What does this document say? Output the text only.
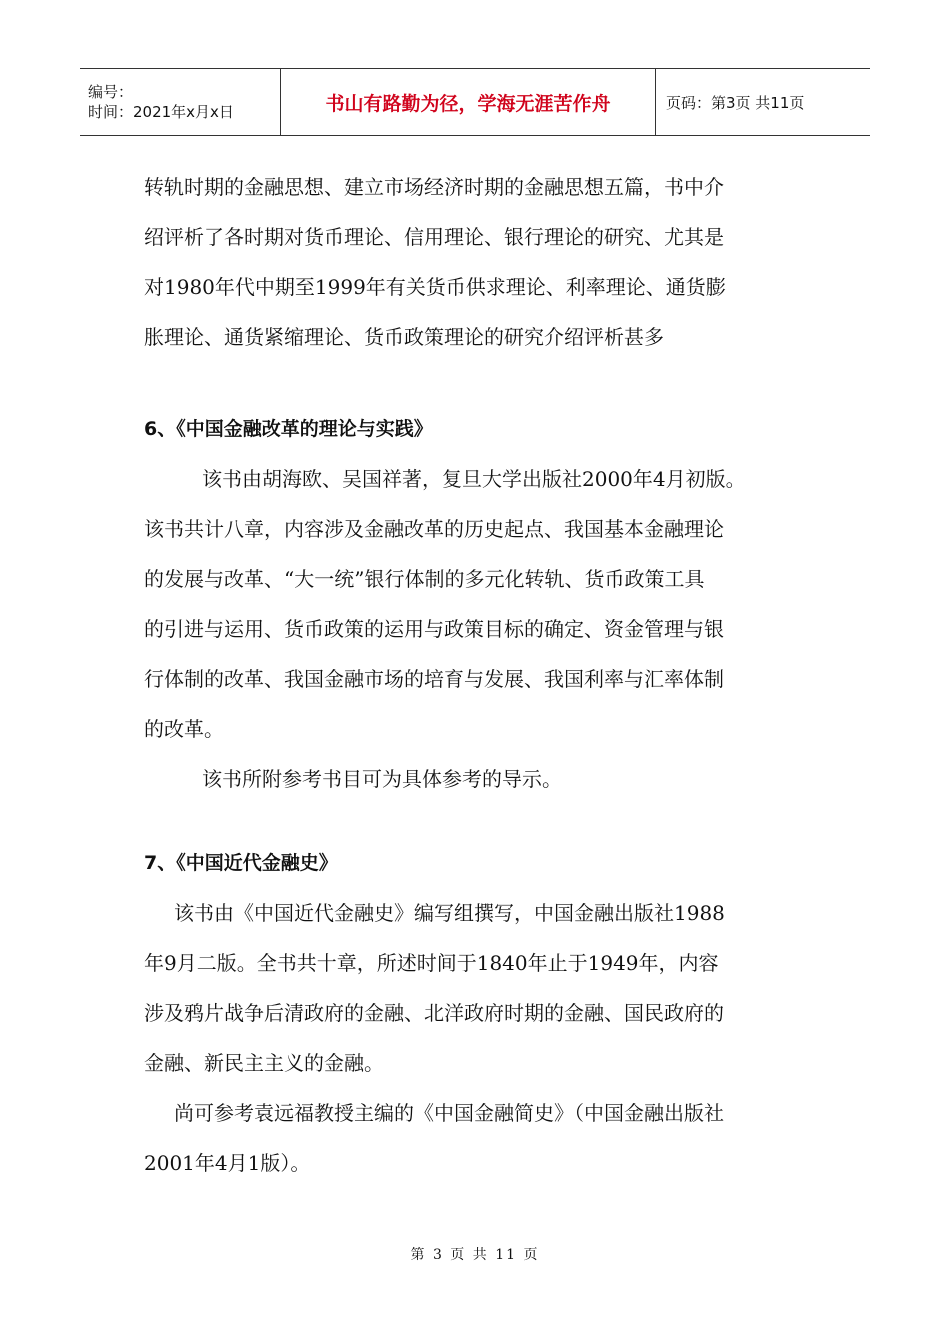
编号：
时间：2021年x月x日	书山有路勤为径，学海无涯苦作舟	页码：第3页 共11页

转轨时期的金融思想、建立市场经济时期的金融思想五篇，书中介

绍评析了各时期对货币理论、信用理论、银行理论的研究、尤其是

对1980年代中期至1999年有关货币供求理论、利率理论、通货膨

胀理论、通货紧缩理论、货币政策理论的研究介绍评析甚多

6、《中国金融改革的理论与实践》

该书由胡海欧、吴国祥著，复旦大学出版社2000年4月初版。

该书共计八章，内容涉及金融改革的历史起点、我国基本金融理论

的发展与改革、“大一统”银行体制的多元化转轨、货币政策工具

的引进与运用、货币政策的运用与政策目标的确定、资金管理与银

行体制的改革、我国金融市场的培育与发展、我国利率与汇率体制

的改革。

该书所附参考书目可为具体参考的导示。

7、《中国近代金融史》

该书由《中国近代金融史》编写组撰写，中国金融出版社1988

年9月二版。全书共十章，所述时间于1840年止于1949年，内容

涉及鸦片战争后清政府的金融、北洋政府时期的金融、国民政府的

金融、新民主主义的金融。

尚可参考袁远福教授主编的《中国金融简史》（中国金融出版社

2001年4月1版）。

第 3 页 共 11 页
